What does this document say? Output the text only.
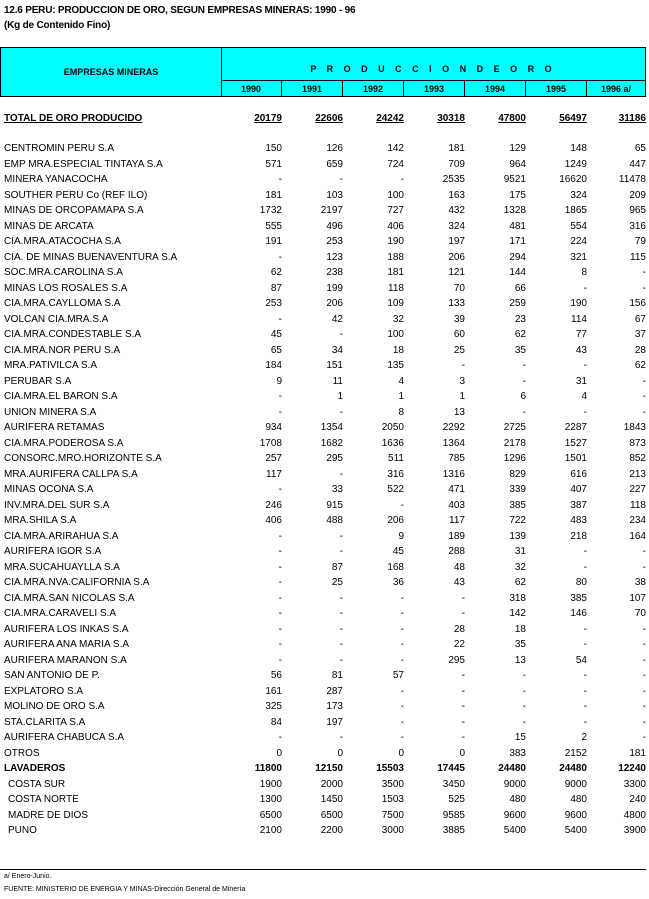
12.6 PERU: PRODUCCION DE ORO, SEGUN EMPRESAS MINERAS: 1990 - 96
(Kg de Contenido Fino)
EMPRESAS MINERAS	P R O D U C C I O N D E O R O
1990	1991	1992	1993	1994	1995	1996 a/
TOTAL DE ORO PRODUCIDO	20179	22606	24242	30318	47800	56497	31186
CENTROMIN PERU S.A	150	126	142	181	129	148	65
EMP MRA.ESPECIAL TINTAYA S.A	571	659	724	709	964	1249	447
MINERA YANACOCHA	-	-	-	2535	9521	16620	11478
SOUTHER PERU Co (REF ILO)	181	103	100	163	175	324	209
MINAS DE ORCOPAMAPA S.A	1732	2197	727	432	1328	1865	965
MINAS DE ARCATA	555	496	406	324	481	554	316
CIA.MRA.ATACOCHA S.A	191	253	190	197	171	224	79
CIA. DE MINAS BUENAVENTURA S.A	-	123	188	206	294	321	115
SOC.MRA.CAROLINA S.A	62	238	181	121	144	8	-
MINAS LOS ROSALES S.A	87	199	118	70	66	-	-
CIA.MRA.CAYLLOMA S.A	253	206	109	133	259	190	156
VOLCAN CIA.MRA.S.A	-	42	32	39	23	114	67
CIA.MRA.CONDESTABLE S.A	45	-	100	60	62	77	37
CIA.MRA.NOR PERU S.A	65	34	18	25	35	43	28
MRA.PATIVILCA S.A	184	151	135	-	-	-	62
PERUBAR S.A	9	11	4	3	-	31	-
CIA.MRA.EL BARON S.A	-	1	1	1	6	4	-
UNION MINERA S.A	-	-	8	13	-	-	-
AURIFERA RETAMAS	934	1354	2050	2292	2725	2287	1843
CIA.MRA.PODEROSA S.A	1708	1682	1636	1364	2178	1527	873
CONSORC.MRO.HORIZONTE S.A	257	295	511	785	1296	1501	852
MRA.AURIFERA CALLPA S.A	117	-	316	1316	829	616	213
MINAS OCONA S.A	-	33	522	471	339	407	227
INV.MRA.DEL SUR S.A	246	915	-	403	385	387	118
MRA.SHILA S.A	406	488	206	117	722	483	234
CIA.MRA.ARIRAHUA S.A	-	-	9	189	139	218	164
AURIFERA IGOR S.A	-	-	45	288	31	-	-
MRA.SUCAHUAYLLA S.A	-	87	168	48	32	-	-
CIA.MRA.NVA.CALIFORNIA S.A	-	25	36	43	62	80	38
CIA.MRA.SAN NICOLAS S.A	-	-	-	-	318	385	107
CIA.MRA.CARAVELI S.A	-	-	-	-	142	146	70
AURIFERA LOS INKAS S.A	-	-	-	28	18	-	-
AURIFERA ANA MARIA S.A	-	-	-	22	35	-	-
AURIFERA MARANON S.A	-	-	-	295	13	54	-
SAN ANTONIO DE P.	56	81	57	-	-	-	-
EXPLATORO S.A	161	287	-	-	-	-	-
MOLINO DE ORO S.A	325	173	-	-	-	-	-
STA.CLARITA S.A	84	197	-	-	-	-	-
AURIFERA CHABUCA S.A	-	-	-	-	15	2	-
OTROS	0	0	0	0	383	2152	181
LAVADEROS	11800	12150	15503	17445	24480	24480	12240
COSTA SUR	1900	2000	3500	3450	9000	9000	3300
COSTA NORTE	1300	1450	1503	525	480	480	240
MADRE DE DIOS	6500	6500	7500	9585	9600	9600	4800
PUNO	2100	2200	3000	3885	5400	5400	3900
a/ Enero-Junio.
FUENTE: MINISTERIO DE ENERGIA Y MINAS-Dirección General de Minería
